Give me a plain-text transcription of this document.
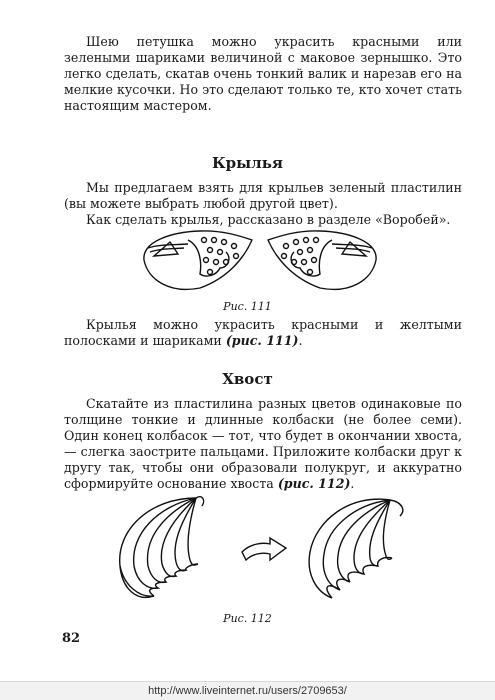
Шею петушка можно украсить красными или зелеными шариками величиной с маковое зернышко. Это легко сделать, скатав очень тонкий валик и нарезав его на мелкие кусочки. Но это сделают только те, кто хочет стать настоящим мастером.

Крылья

Мы предлагаем взять для крыльев зеленый пластилин (вы можете выбрать любой другой цвет).

Как сделать крылья, рассказано в разделе «Воробей».

Рис. 111

Крылья можно украсить красными и желтыми полосками и шариками (рис. 111).

Хвост

Скатайте из пластилина разных цветов одинаковые по толщине тонкие и длинные колбаски (не более семи). Один конец колбасок — тот, что будет в окончании хвоста,— слегка заострите пальцами. Приложите колбаски друг к другу так, чтобы они образовали полукруг, и аккуратно сформируйте основание хвоста (рис. 112).

Рис. 112

82

http://www.liveinternet.ru/users/2709653/
